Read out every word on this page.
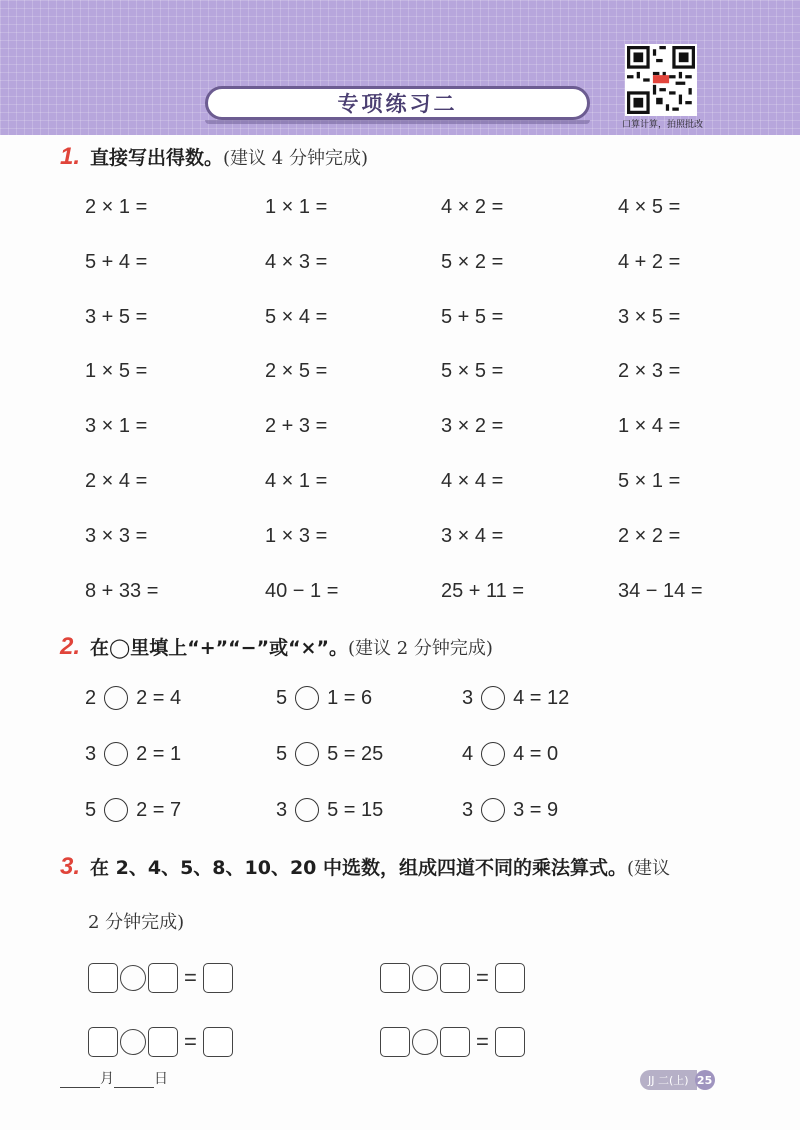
专项练习二
口算计算，拍照批改
1. 直接写出得数。 (建议 4 分钟完成)
2 × 1 =	1 × 1 =	4 × 2 =	4 × 5 =
5 + 4 =	4 × 3 =	5 × 2 =	4 + 2 =
3 + 5 =	5 × 4 =	5 + 5 =	3 × 5 =
1 × 5 =	2 × 5 =	5 × 5 =	2 × 3 =
3 × 1 =	2 + 3 =	3 × 2 =	1 × 4 =
2 × 4 =	4 × 1 =	4 × 4 =	5 × 1 =
3 × 3 =	1 × 3 =	3 × 4 =	2 × 2 =
8 + 33 =	40 − 1 =	25 + 11 =	34 − 14 =
2. 在◯里填上“+”“−”或“×”。 (建议 2 分钟完成)
2 2 = 4	5 1 = 6	3 4 = 12
3 2 = 1	5 5 = 25	4 4 = 0
5 2 = 7	3 5 = 15	3 3 = 9
3. 在 2、4、5、8、10、20 中选数，组成四道不同的乘法算式。 (建议
2 分钟完成)
=	=
=	=
月	日	JJ 二(上) 25
